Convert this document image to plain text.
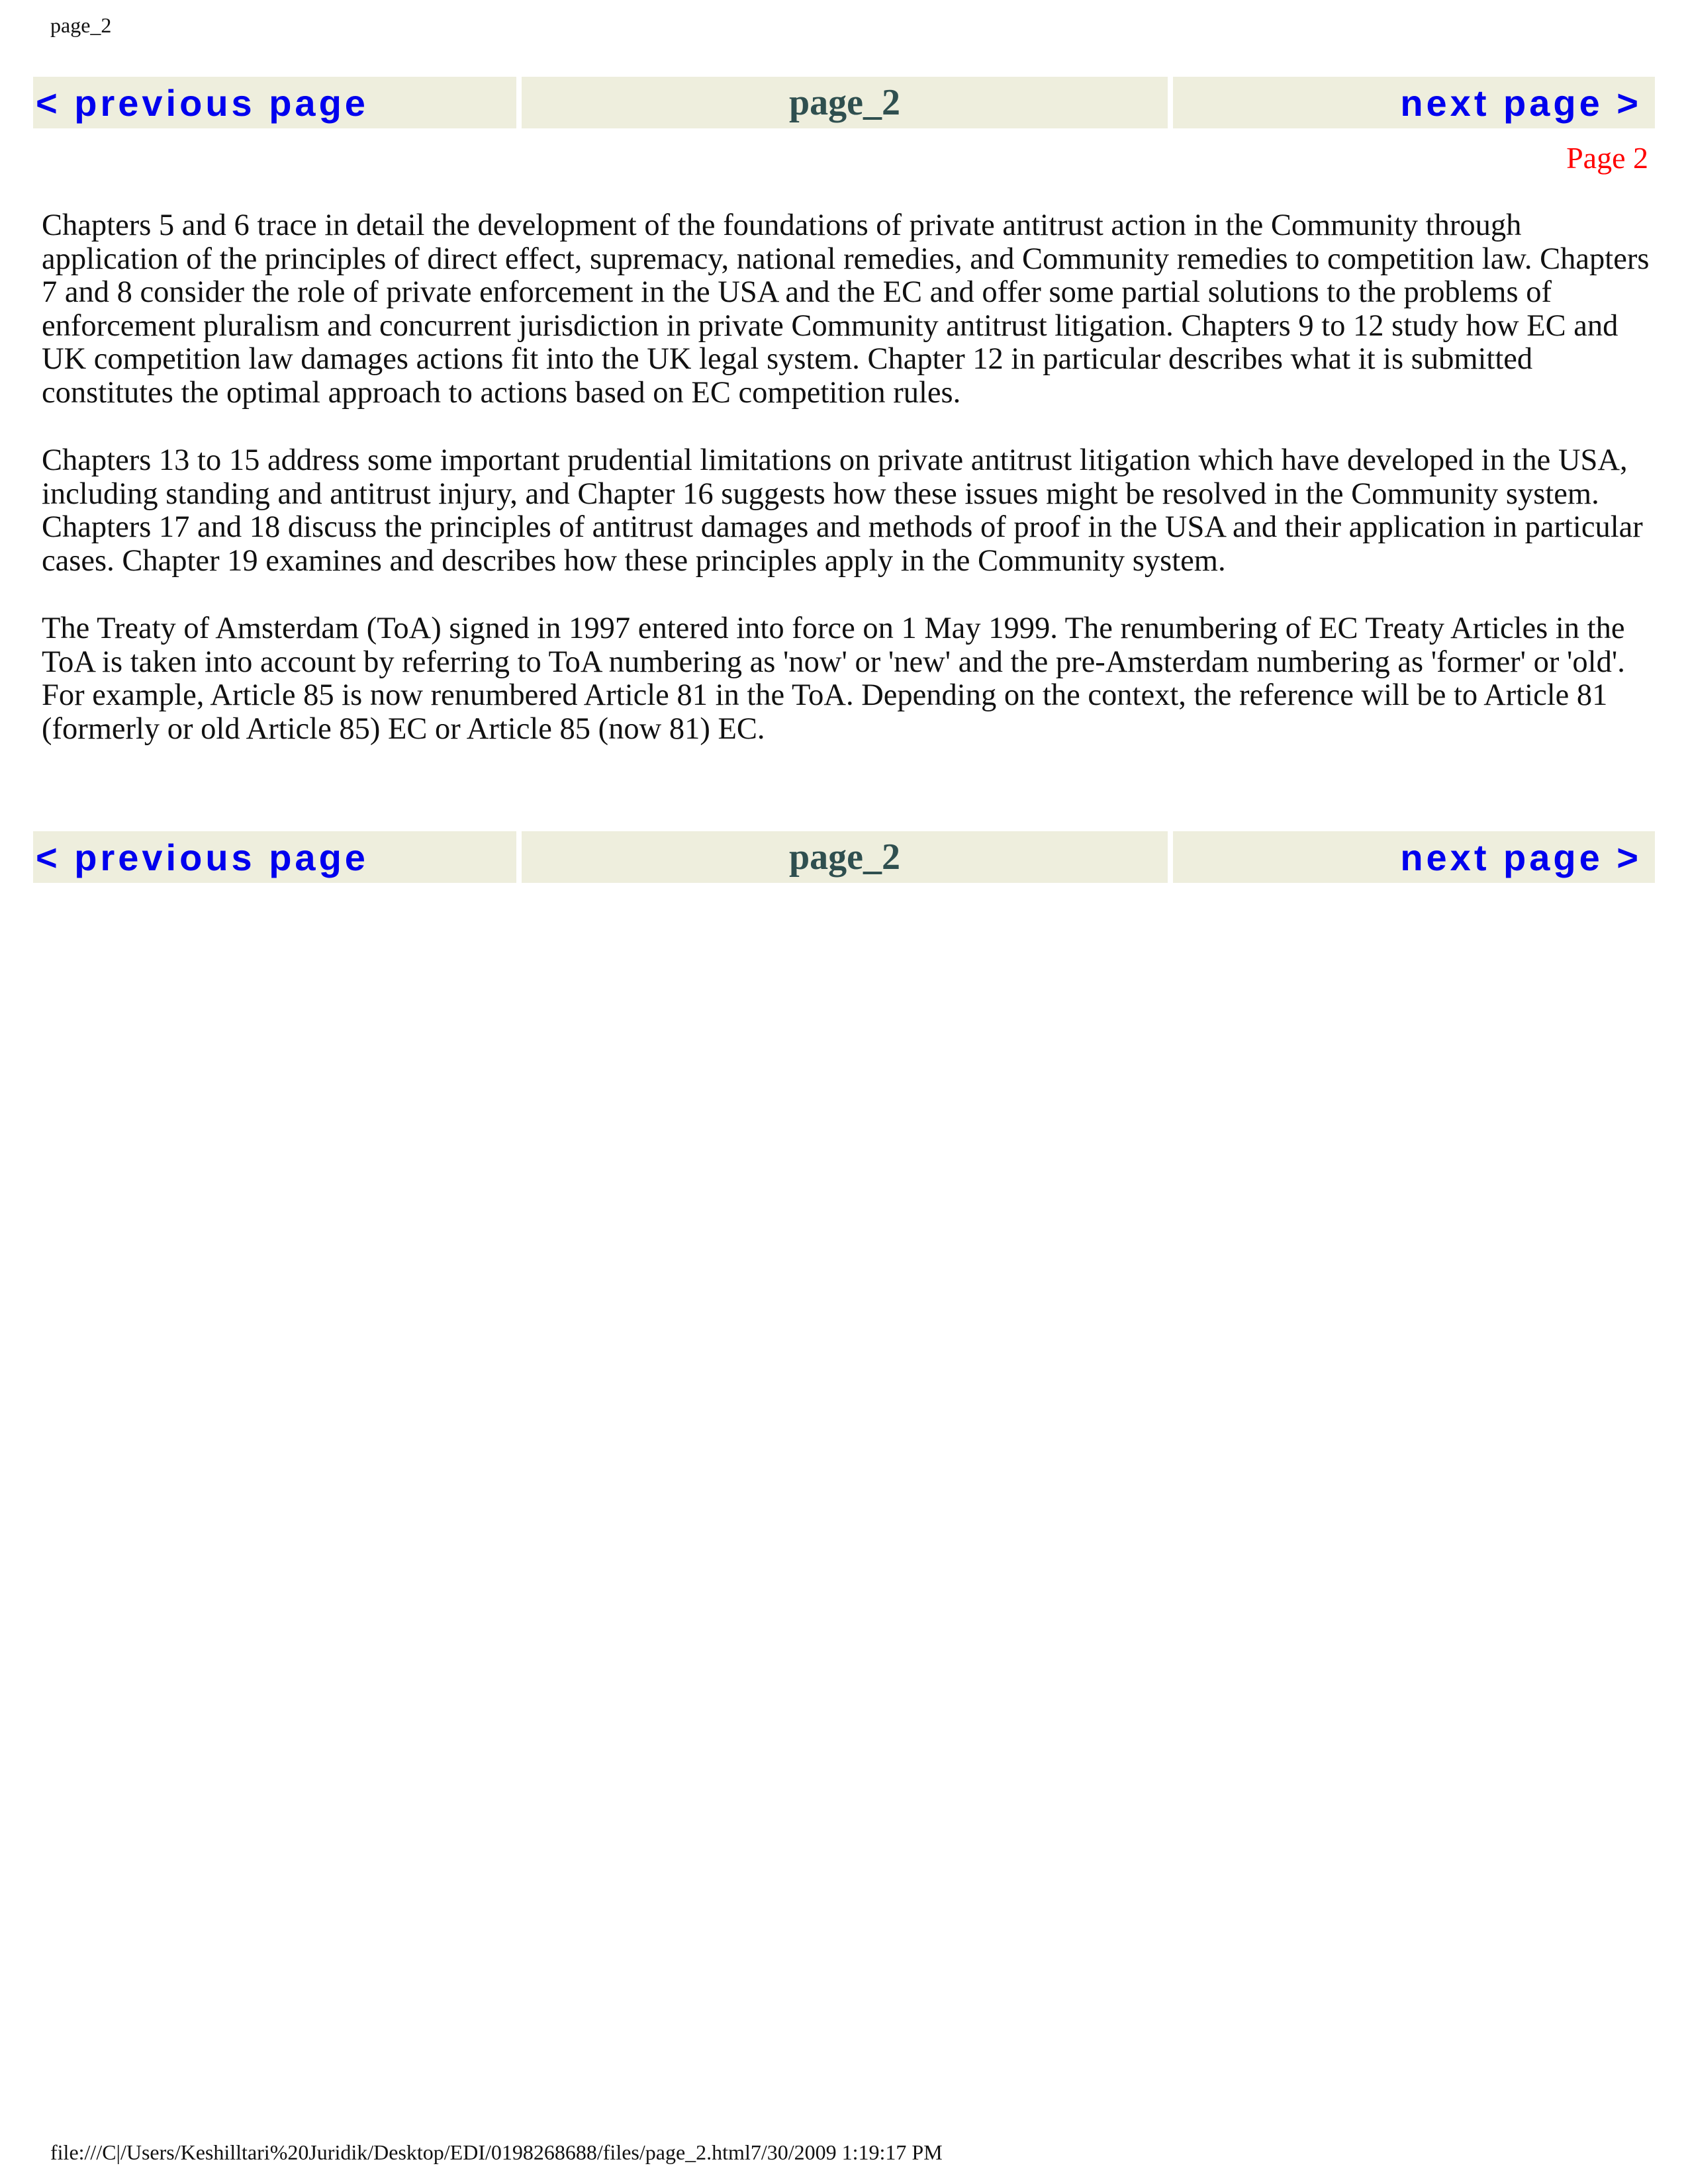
page_2
< previous page	page_2	next page >
Page 2

Chapters 5 and 6 trace in detail the development of the foundations of private antitrust action in the Community through application of the principles of direct effect, supremacy, national remedies, and Community remedies to competition law. Chapters 7 and 8 consider the role of private enforcement in the USA and the EC and offer some partial solutions to the problems of enforcement pluralism and concurrent jurisdiction in private Community antitrust litigation. Chapters 9 to 12 study how EC and UK competition law damages actions fit into the UK legal system. Chapter 12 in particular describes what it is submitted constitutes the optimal approach to actions based on EC competition rules.

Chapters 13 to 15 address some important prudential limitations on private antitrust litigation which have developed in the USA, including standing and antitrust injury, and Chapter 16 suggests how these issues might be resolved in the Community system. Chapters 17 and 18 discuss the principles of antitrust damages and methods of proof in the USA and their application in particular cases. Chapter 19 examines and describes how these principles apply in the Community system.

The Treaty of Amsterdam (ToA) signed in 1997 entered into force on 1 May 1999. The renumbering of EC Treaty Articles in the ToA is taken into account by referring to ToA numbering as 'now' or 'new' and the pre-Amsterdam numbering as 'former' or 'old'. For example, Article 85 is now renumbered Article 81 in the ToA. Depending on the context, the reference will be to Article 81 (formerly or old Article 85) EC or Article 85 (now 81) EC.

< previous page	page_2	next page >
file:///C|/Users/Keshilltari%20Juridik/Desktop/EDI/0198268688/files/page_2.html7/30/2009 1:19:17 PM
